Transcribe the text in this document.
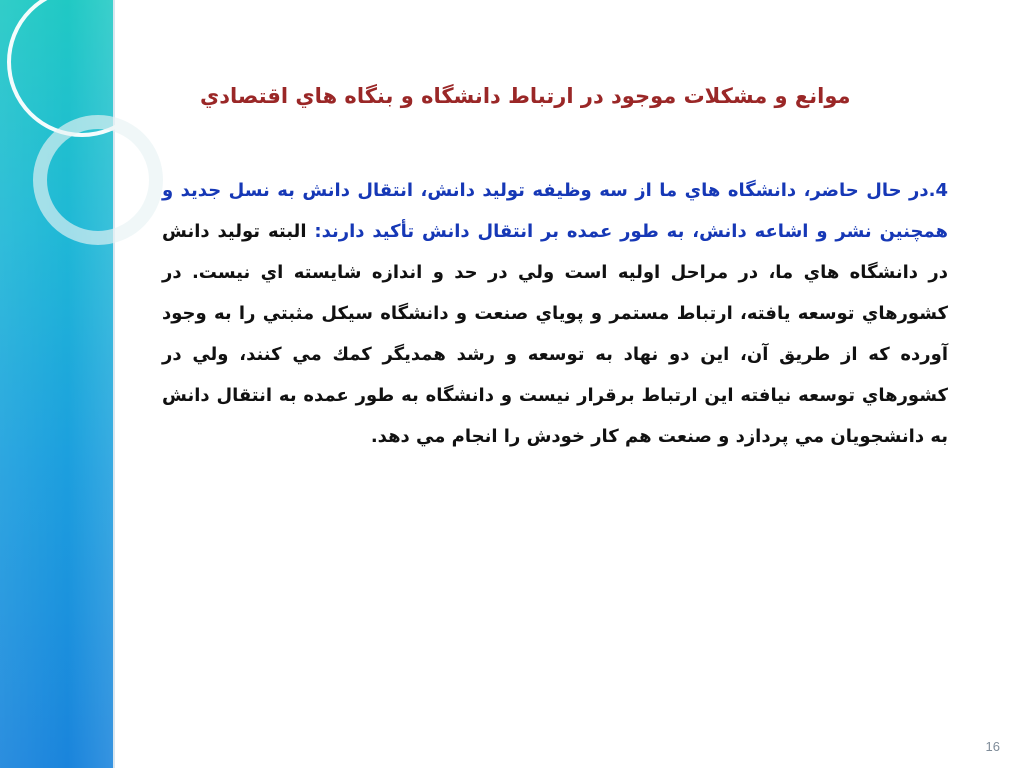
موانع و مشکلات موجود در ارتباط دانشگاه و بنگاه هاي اقتصادي

4.در حال حاضر، دانشگاه هاي ما از سه وظيفه توليد دانش، انتقال دانش به نسل جديد و همچنين نشر و اشاعه دانش، به طور عمده بر انتقال دانش تأکيد دارند: البته توليد دانش در دانشگاه هاي ما، در مراحل اوليه است ولي در حد و اندازه شايسته اي نيست. در کشورهاي توسعه يافته، ارتباط مستمر و پوياي صنعت و دانشگاه سيکل مثبتي را به وجود آورده که از طريق آن، اين دو نهاد به توسعه و رشد همديگر کمك مي کنند، ولي در کشورهاي توسعه نيافته اين ارتباط برقرار نيست و دانشگاه به طور عمده به انتقال دانش به دانشجويان مي پردازد و صنعت هم کار خودش را انجام مي دهد.

16
